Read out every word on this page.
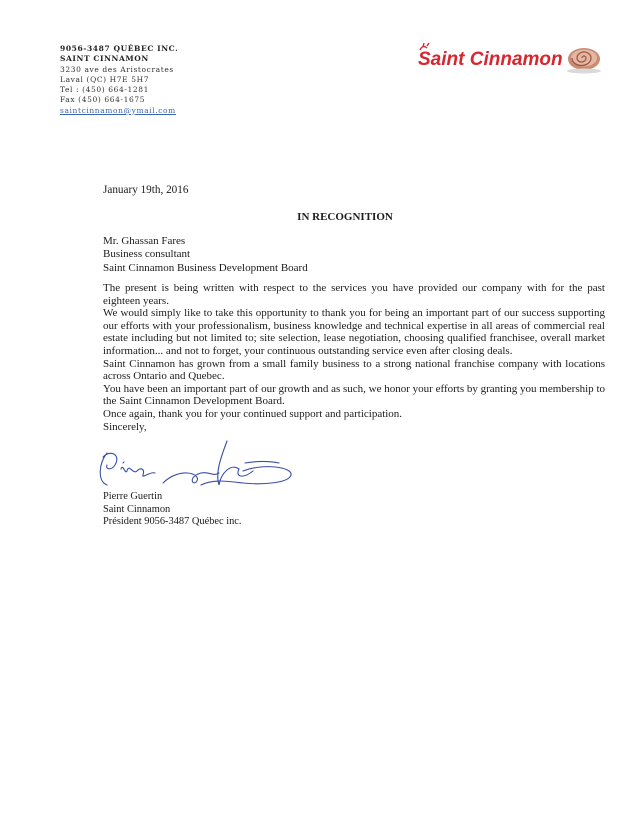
9056-3487 QUÉBEC INC.
SAINT CINNAMON
3230 ave des Aristocrates
Laval (QC) H7E 5H7
Tel : (450) 664-1281
Fax (450) 664-1675
saintcinnamon@ymail.com
Saint Cinnamon
January 19th, 2016
IN RECOGNITION
Mr. Ghassan Fares
Business consultant
Saint Cinnamon Business Development Board
The present is being written with respect to the services you have provided our company with for the past eighteen years.
We would simply like to take this opportunity to thank you for being an important part of our success supporting our efforts with your professionalism, business knowledge and technical expertise in all areas of commercial real estate including but not limited to; site selection, lease negotiation, choosing qualified franchisee, overall market information... and not to forget, your continuous outstanding service even after closing deals.
Saint Cinnamon has grown from a small family business to a strong national franchise company with locations across Ontario and Quebec.
You have been an important part of our growth and as such, we honor your efforts by granting you membership to the Saint Cinnamon Development Board.
Once again, thank you for your continued support and participation.
Sincerely,
Pierre Guertin
Saint Cinnamon
Président 9056-3487 Québec inc.
